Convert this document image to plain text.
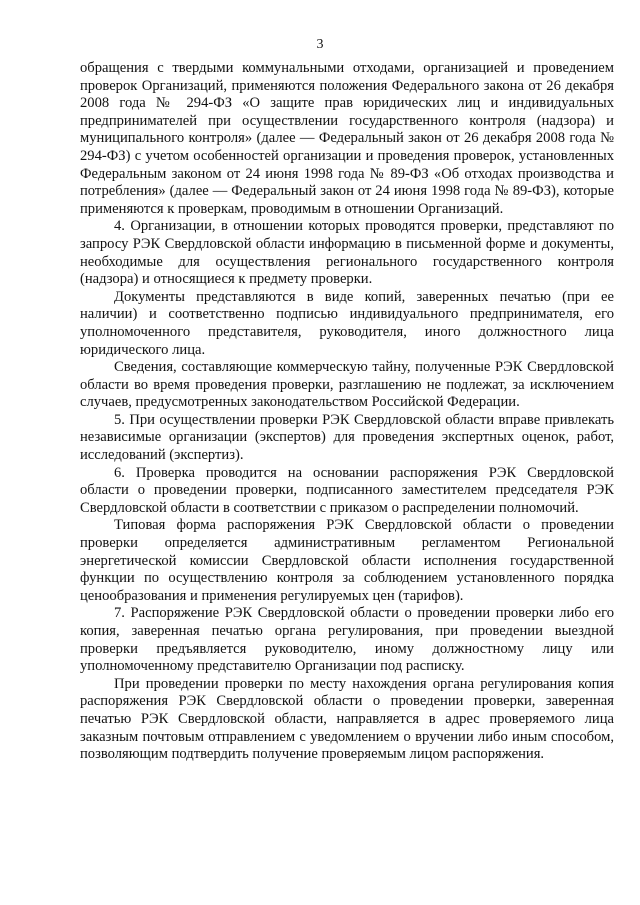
3

обращения с твердыми коммунальными отходами, организацией и проведением проверок Организаций, применяются положения Федерального закона от 26 декабря 2008 года № 294-ФЗ «О защите прав юридических лиц и индивидуальных предпринимателей при осуществлении государственного контроля (надзора) и муниципального контроля» (далее — Федеральный закон от 26 декабря 2008 года № 294-ФЗ) с учетом особенностей организации и проведения проверок, установленных Федеральным законом от 24 июня 1998 года № 89-ФЗ «Об отходах производства и потребления» (далее — Федеральный закон от 24 июня 1998 года № 89-ФЗ), которые применяются к проверкам, проводимым в отношении Организаций.

4. Организации, в отношении которых проводятся проверки, представляют по запросу РЭК Свердловской области информацию в письменной форме и документы, необходимые для осуществления регионального государственного контроля (надзора) и относящиеся к предмету проверки.

Документы представляются в виде копий, заверенных печатью (при ее наличии) и соответственно подписью индивидуального предпринимателя, его уполномоченного представителя, руководителя, иного должностного лица юридического лица.

Сведения, составляющие коммерческую тайну, полученные РЭК Свердловской области во время проведения проверки, разглашению не подлежат, за исключением случаев, предусмотренных законодательством Российской Федерации.

5. При осуществлении проверки РЭК Свердловской области вправе привлекать независимые организации (экспертов) для проведения экспертных оценок, работ, исследований (экспертиз).

6. Проверка проводится на основании распоряжения РЭК Свердловской области о проведении проверки, подписанного заместителем председателя РЭК Свердловской области в соответствии с приказом о распределении полномочий.

Типовая форма распоряжения РЭК Свердловской области о проведении проверки определяется административным регламентом Региональной энергетической комиссии Свердловской области исполнения государственной функции по осуществлению контроля за соблюдением установленного порядка ценообразования и применения регулируемых цен (тарифов).

7. Распоряжение РЭК Свердловской области о проведении проверки либо его копия, заверенная печатью органа регулирования, при проведении выездной проверки предъявляется руководителю, иному должностному лицу или уполномоченному представителю Организации под расписку.

При проведении проверки по месту нахождения органа регулирования копия распоряжения РЭК Свердловской области о проведении проверки, заверенная печатью РЭК Свердловской области, направляется в адрес проверяемого лица заказным почтовым отправлением с уведомлением о вручении либо иным способом, позволяющим подтвердить получение проверяемым лицом распоряжения.
